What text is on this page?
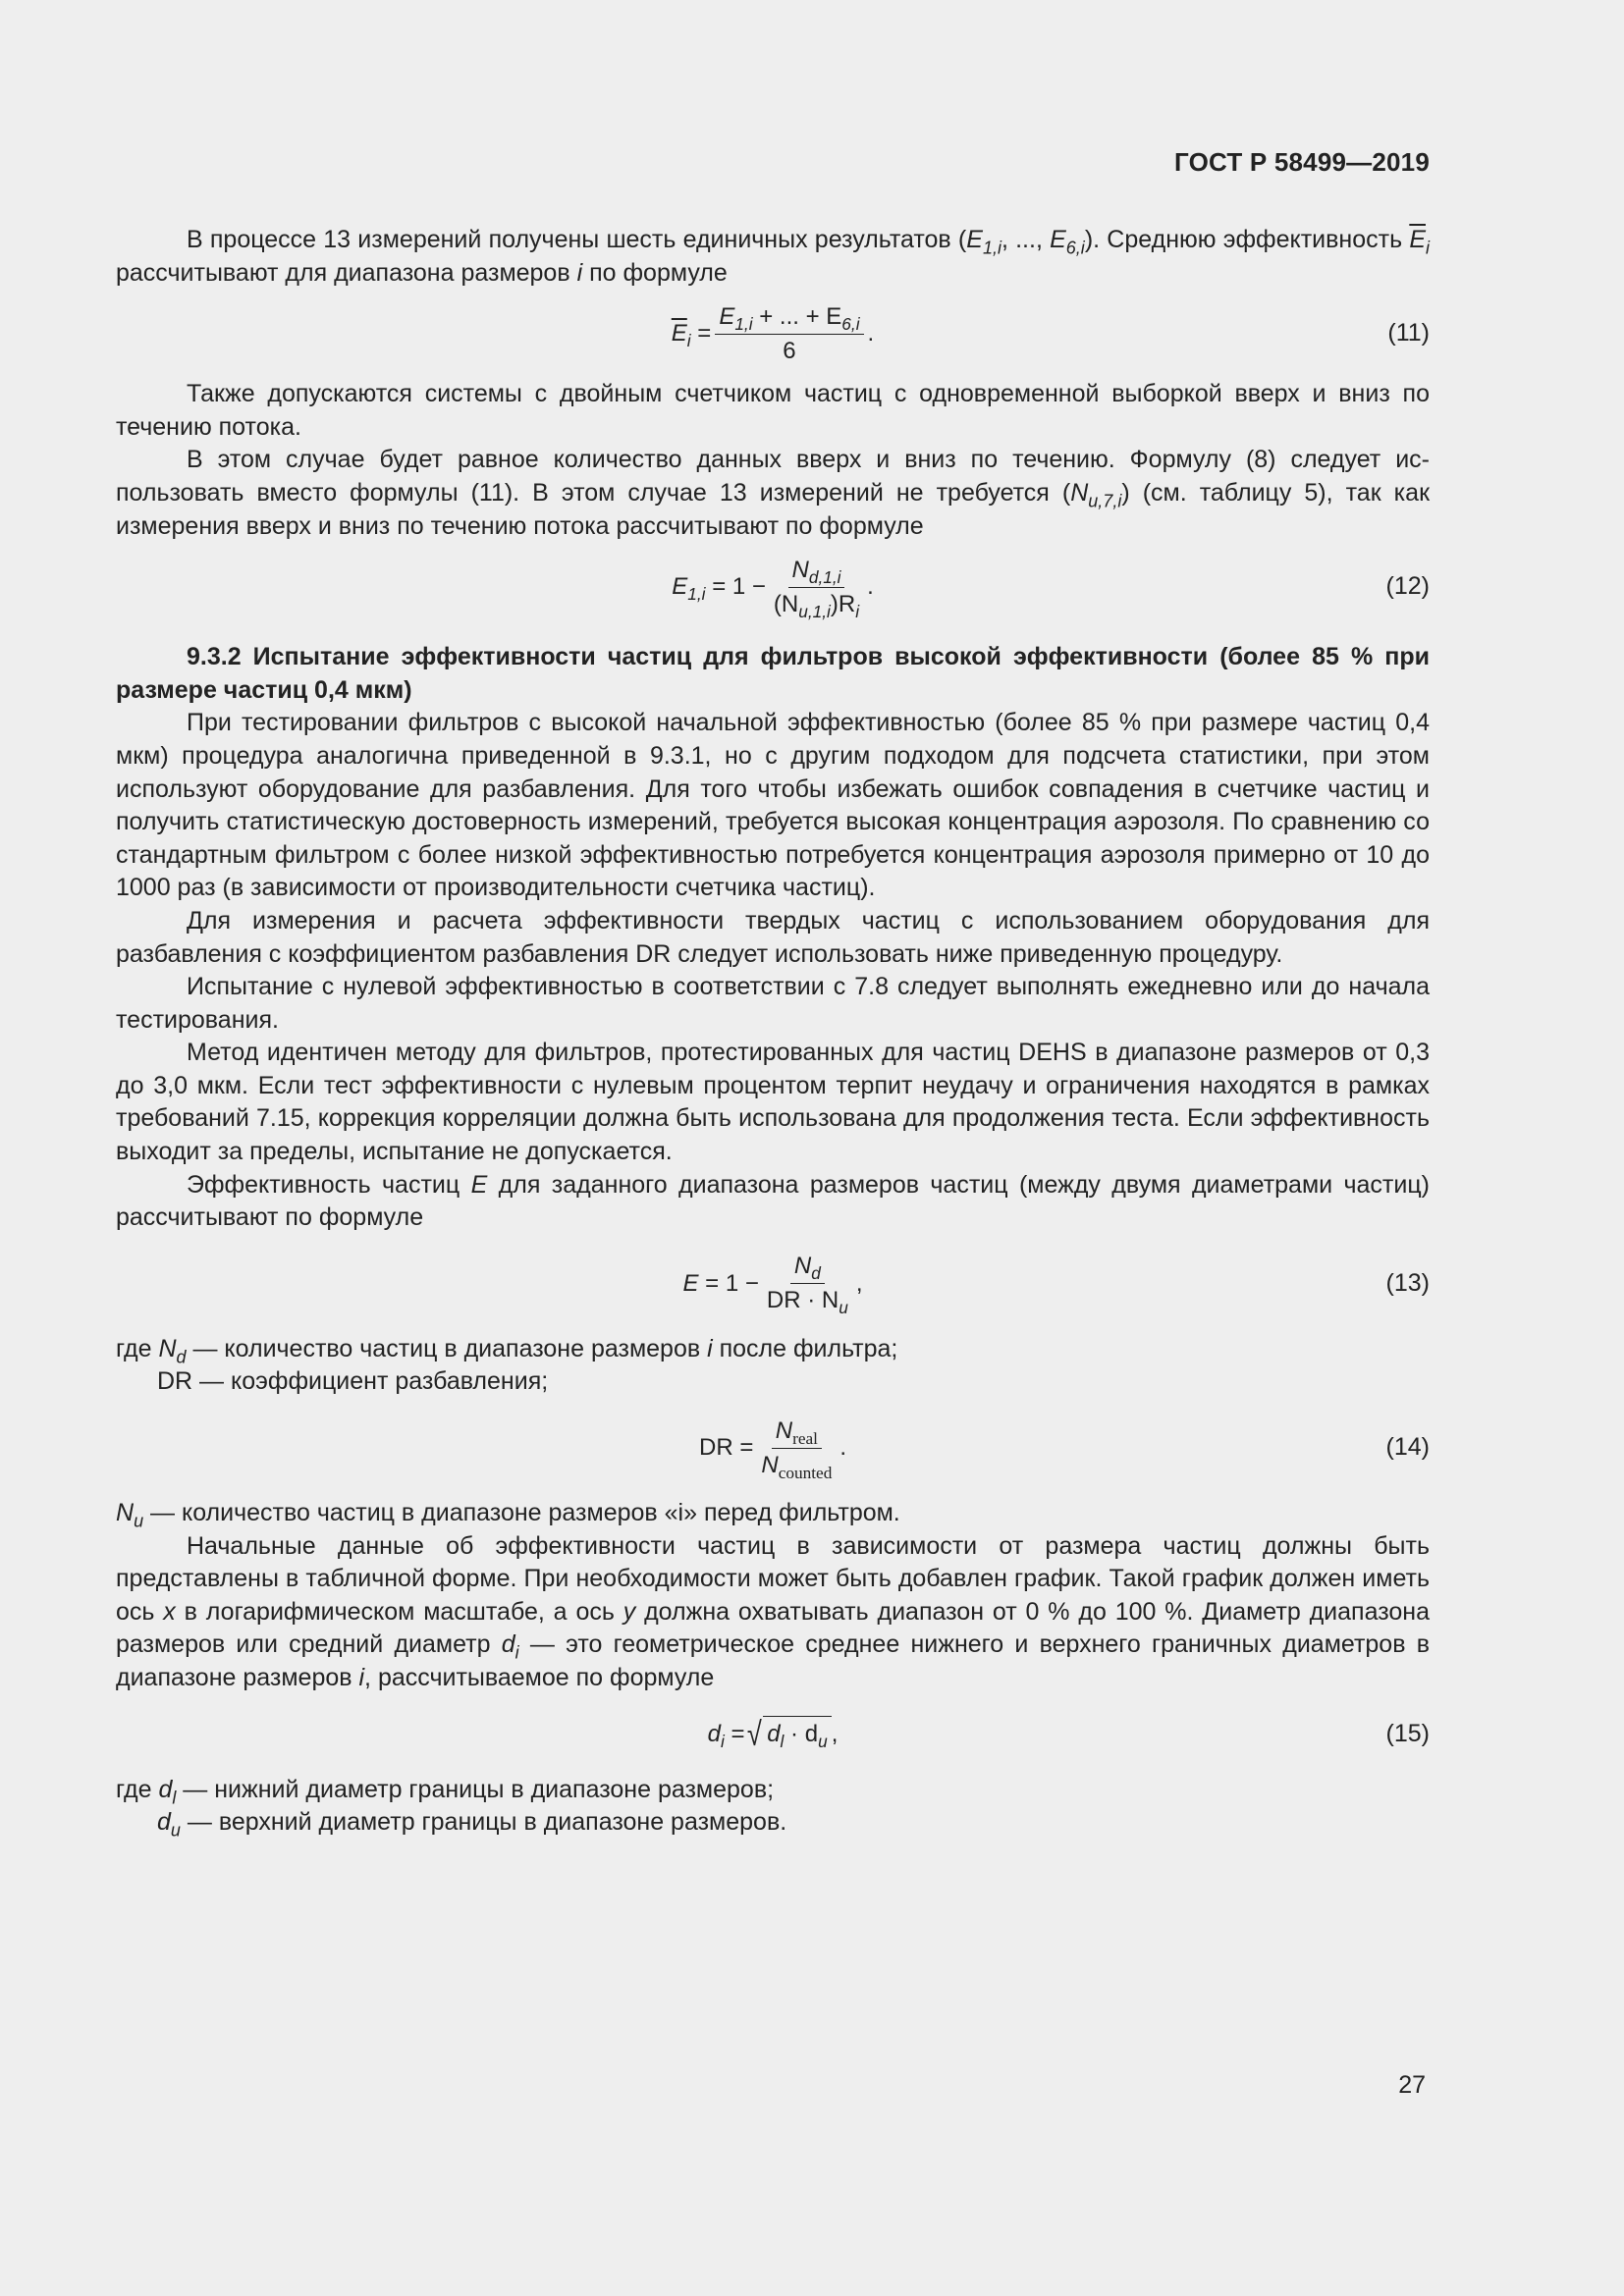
ГОСТ Р 58499—2019

В процессе 13 измерений получены шесть единичных результатов ($E_{1,i}$, ..., $E_{6,i}$). Среднюю эффективность $\overline{E}_i$ рассчитывают для диапазона размеров i по формуле

$\overline{E}_i = \frac{E_{1,i} + ... + E_{6,i}}{6}$ .	(11)

Также допускаются системы с двойным счетчиком частиц с одновременной выборкой вверх и вниз по течению потока.

В этом случае будет равное количество данных вверх и вниз по течению. Формулу (8) следует использовать вместо формулы (11). В этом случае 13 измерений не требуется $(N_{u,7,i})$ (см. таблицу 5), так как измерения вверх и вниз по течению потока рассчитывают по формуле

$E_{1,i} = 1 - \frac{N_{d,1,i}}{(N_{u,1,i})R_i}$ .	(12)

9.3.2 Испытание эффективности частиц для фильтров высокой эффективности (более 85 % при размере частиц 0,4 мкм)

При тестировании фильтров с высокой начальной эффективностью (более 85 % при размере частиц 0,4 мкм) процедура аналогична приведенной в 9.3.1, но с другим подходом для подсчета статистики, при этом используют оборудование для разбавления. Для того чтобы избежать ошибок совпадения в счетчике частиц и получить статистическую достоверность измерений, требуется высокая концентрация аэрозоля. По сравнению со стандартным фильтром с более низкой эффективностью потребуется концентрация аэрозоля примерно от 10 до 1000 раз (в зависимости от производительности счетчика частиц).

Для измерения и расчета эффективности твердых частиц с использованием оборудования для разбавления с коэффициентом разбавления DR следует использовать ниже приведенную процедуру.

Испытание с нулевой эффективностью в соответствии с 7.8 следует выполнять ежедневно или до начала тестирования.

Метод идентичен методу для фильтров, протестированных для частиц DEHS в диапазоне размеров от 0,3 до 3,0 мкм. Если тест эффективности с нулевым процентом терпит неудачу и ограничения находятся в рамках требований 7.15, коррекция корреляции должна быть использована для продолжения теста. Если эффективность выходит за пределы, испытание не допускается.

Эффективность частиц E для заданного диапазона размеров частиц (между двумя диаметрами частиц) рассчитывают по формуле

$E = 1 - \frac{N_d}{DR \cdot N_u}$ ,	(13)

где $N_d$ — количество частиц в диапазоне размеров i после фильтра;

DR — коэффициент разбавления;

DR = $\frac{N_{real}}{N_{counted}}$ .	(14)

$N_u$ — количество частиц в диапазоне размеров «i» перед фильтром.

Начальные данные об эффективности частиц в зависимости от размера частиц должны быть представлены в табличной форме. При необходимости может быть добавлен график. Такой график должен иметь ось x в логарифмическом масштабе, а ось y должна охватывать диапазон от 0 % до 100 %. Диаметр диапазона размеров или средний диаметр $d_i$ — это геометрическое среднее нижнего и верхнего граничных диаметров в диапазоне размеров i, рассчитываемое по формуле

$d_i$ = √ $d_l \cdot d_u$ ,	(15)

где $d_l$ — нижний диаметр границы в диапазоне размеров;

$d_u$ — верхний диаметр границы в диапазоне размеров.

27
